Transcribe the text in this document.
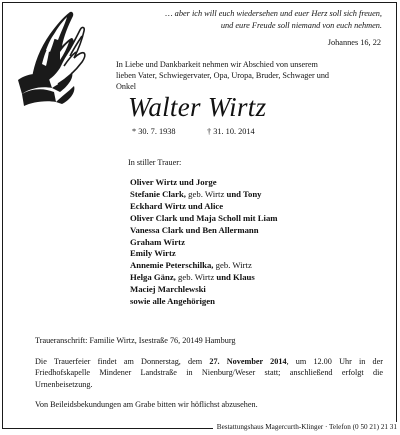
… aber ich will euch wiedersehen und euer Herz soll sich freuen,
und eure Freude soll niemand von euch nehmen.
Johannes 16, 22
In Liebe und Dankbarkeit nehmen wir Abschied von unserem
lieben Vater, Schwiegervater, Opa, Uropa, Bruder, Schwager und
Onkel
Walter Wirtz
* 30. 7. 1938	† 31. 10. 2014
In stiller Trauer:
Oliver Wirtz und Jorge
Stefanie Clark, geb. Wirtz und Tony
Eckhard Wirtz und Alice
Oliver Clark und Maja Scholl mit Liam
Vanessa Clark und Ben Allermann
Graham Wirtz
Emily Wirtz
Annemie Peterschilka, geb. Wirtz
Helga Gänz, geb. Wirtz und Klaus
Maciej Marchlewski
sowie alle Angehörigen
Traueranschrift: Familie Wirtz, Isestraße 76, 20149 Hamburg
Die Trauerfeier findet am Donnerstag, dem 27. November 2014, um 12.00 Uhr in der
Friedhofskapelle Mindener Landstraße in Nienburg/Weser statt; anschließend erfolgt die
Urnenbeisetzung.
Von Beileidsbekundungen am Grabe bitten wir höflichst abzusehen.
Bestattungshaus Magercurth-Klinger · Telefon (0 50 21) 21 31
